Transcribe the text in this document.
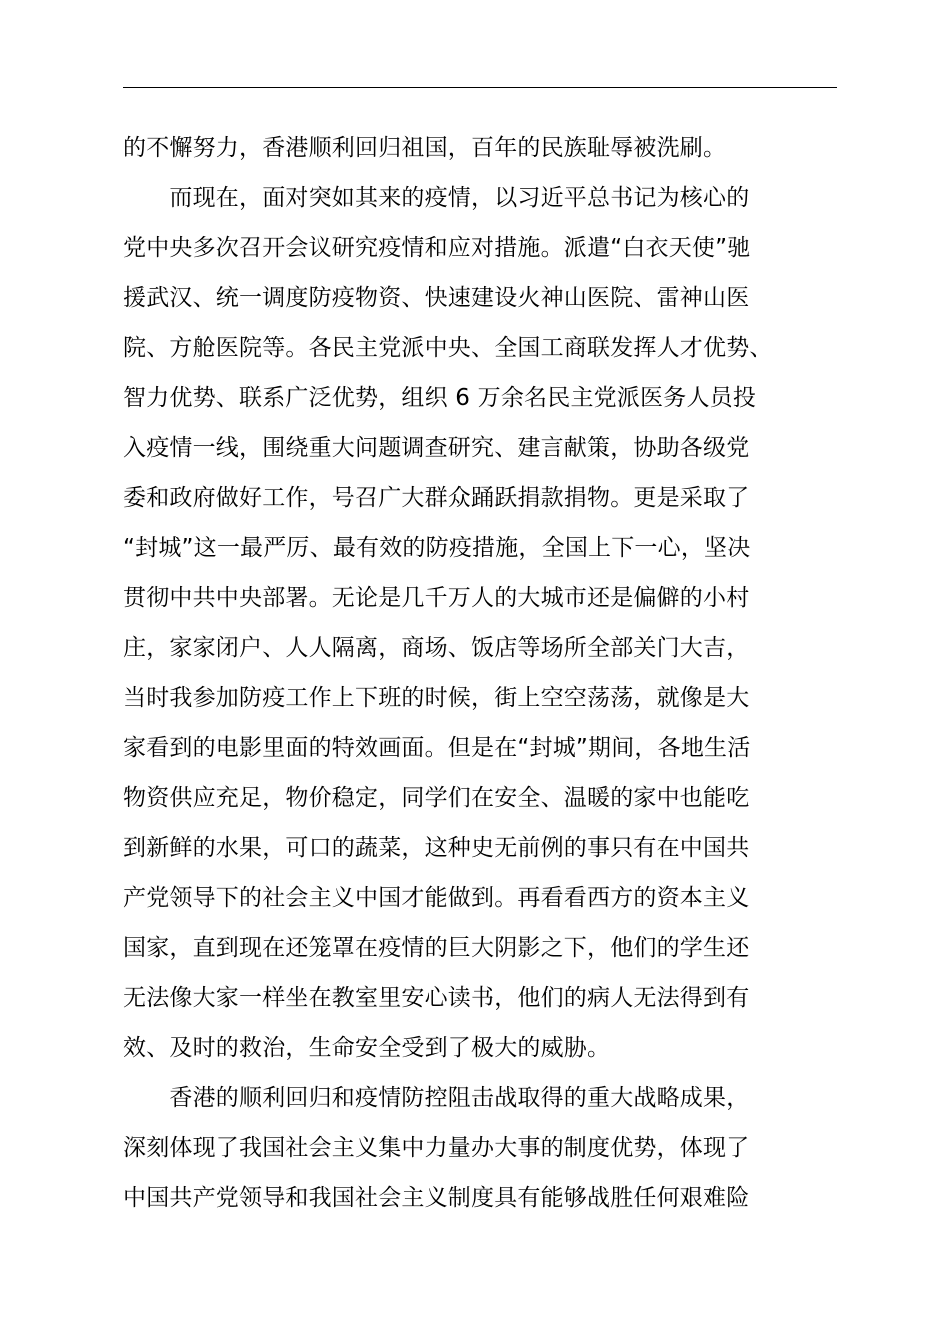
的不懈努力，香港顺利回归祖国，百年的民族耻辱被洗刷。
　　而现在，面对突如其来的疫情，以习近平总书记为核心的
党中央多次召开会议研究疫情和应对措施。派遣“白衣天使”驰
援武汉、统一调度防疫物资、快速建设火神山医院、雷神山医
院、方舱医院等。各民主党派中央、全国工商联发挥人才优势、
智力优势、联系广泛优势，组织 6 万余名民主党派医务人员投
入疫情一线，围绕重大问题调查研究、建言献策，协助各级党
委和政府做好工作，号召广大群众踊跃捐款捐物。更是采取了
“封城”这一最严厉、最有效的防疫措施，全国上下一心，坚决
贯彻中共中央部署。无论是几千万人的大城市还是偏僻的小村
庄，家家闭户、人人隔离，商场、饭店等场所全部关门大吉，
当时我参加防疫工作上下班的时候，街上空空荡荡，就像是大
家看到的电影里面的特效画面。但是在“封城”期间，各地生活
物资供应充足，物价稳定，同学们在安全、温暖的家中也能吃
到新鲜的水果，可口的蔬菜，这种史无前例的事只有在中国共
产党领导下的社会主义中国才能做到。再看看西方的资本主义
国家，直到现在还笼罩在疫情的巨大阴影之下，他们的学生还
无法像大家一样坐在教室里安心读书，他们的病人无法得到有
效、及时的救治，生命安全受到了极大的威胁。
　　香港的顺利回归和疫情防控阻击战取得的重大战略成果，
深刻体现了我国社会主义集中力量办大事的制度优势，体现了
中国共产党领导和我国社会主义制度具有能够战胜任何艰难险
